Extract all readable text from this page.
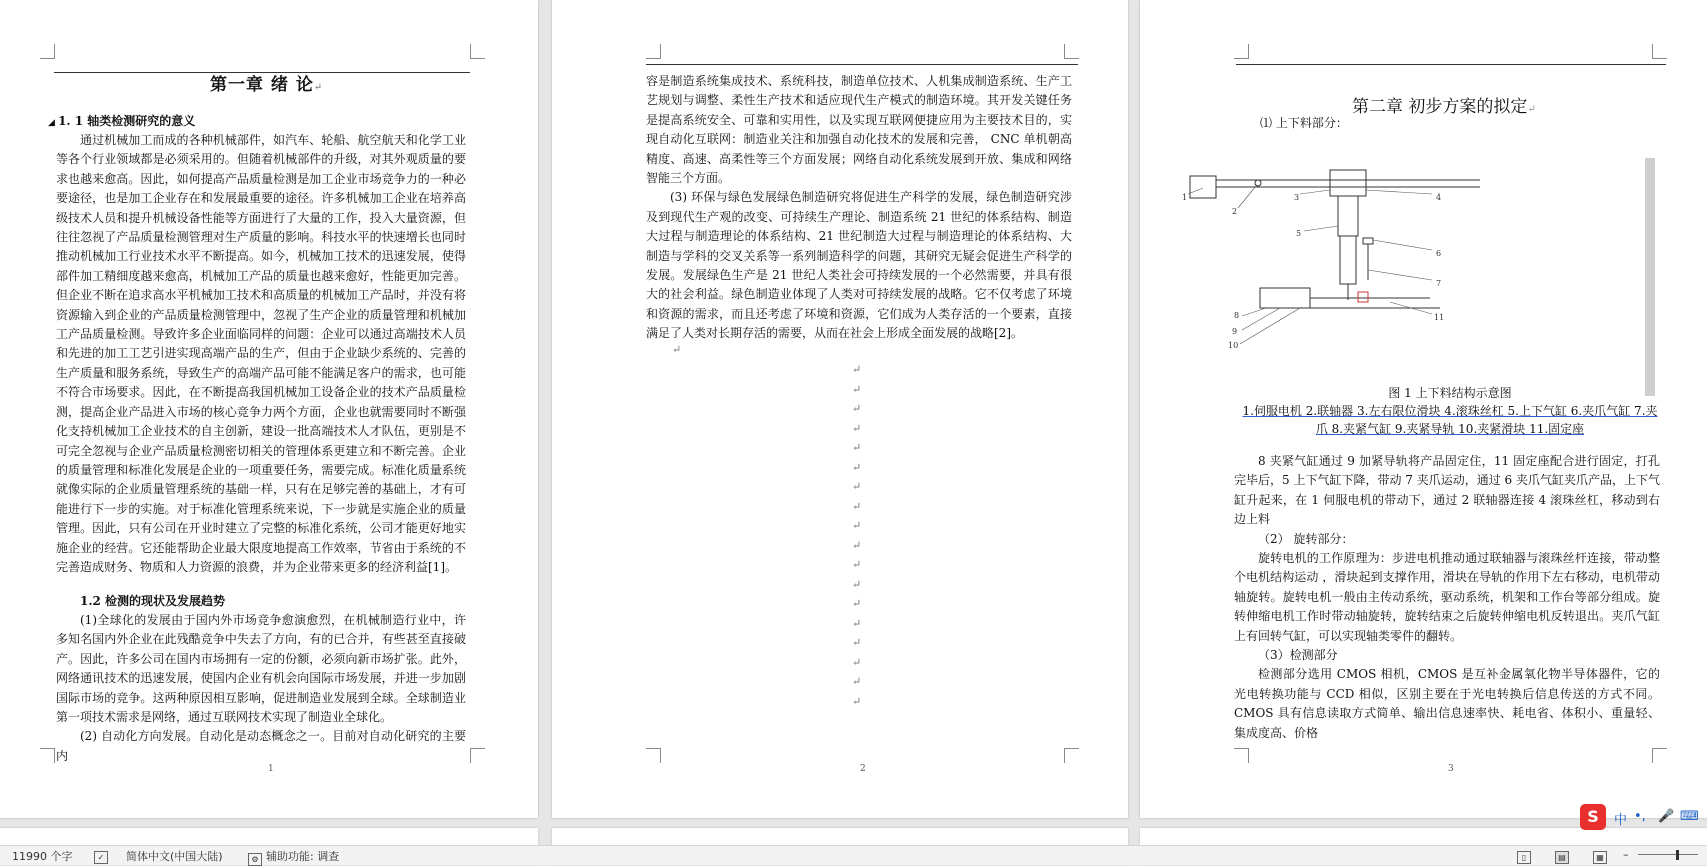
第一章 绪 论↵
◢ 1. 1 轴类检测研究的意义

通过机械加工而成的各种机械部件，如汽车、轮船、航空航天和化学工业等各个行业领域都是必须采用的。但随着机械部件的升级，对其外观质量的要求也越来愈高。因此，如何提高产品质量检测是加工企业市场竞争力的一种必要途径，也是加工企业存在和发展最重要的途径。许多机械加工企业在培养高级技术人员和提升机械设备性能等方面进行了大量的工作，投入大量资源，但往往忽视了产品质量检测管理对生产质量的影响。科技水平的快速增长也同时推动机械加工行业技术水平不断提高。如今，机械加工技术的迅速发展，使得部件加工精细度越来愈高，机械加工产品的质量也越来愈好，性能更加完善。但企业不断在追求高水平机械加工技术和高质量的机械加工产品时，并没有将资源输入到企业的产品质量检测管理中，忽视了生产企业的质量管理和机械加工产品质量检测。导致许多企业面临同样的问题：企业可以通过高端技术人员和先进的加工工艺引进实现高端产品的生产，但由于企业缺少系统的、完善的生产质量和服务系统，导致生产的高端产品可能不能满足客户的需求，也可能不符合市场要求。因此，在不断提高我国机械加工设备企业的技术产品质量检测，提高企业产品进入市场的核心竞争力两个方面，企业也就需要同时不断强化支持机械加工企业技术的自主创新，建设一批高端技术人才队伍，更别是不可完全忽视与企业产品质量检测密切相关的管理体系更建立和不断完善。企业的质量管理和标准化发展是企业的一项重要任务，需要完成。标准化质量系统就像实际的企业质量管理系统的基础一样，只有在足够完善的基础上，才有可能进行下一步的实施。对于标准化管理系统来说，下一步就是实施企业的质量管理。因此，只有公司在开业时建立了完整的标准化系统，公司才能更好地实施企业的经营。它还能帮助企业最大限度地提高工作效率，节省由于系统的不完善造成财务、物质和人力资源的浪费，并为企业带来更多的经济利益[1]。

1.2 检测的现状及发展趋势

(1)全球化的发展由于国内外市场竞争愈演愈烈，在机械制造行业中，许多知名国内外企业在此残酷竞争中失去了方向，有的已合并，有些甚至直接破产。因此，许多公司在国内市场拥有一定的份额，必须向新市场扩张。此外，网络通讯技术的迅速发展，使国内企业有机会向国际市场发展，并进一步加剧国际市场的竞争。这两种原因相互影响，促进制造业发展到全球。全球制造业第一项技术需求是网络，通过互联网技术实现了制造业全球化。

(2) 自动化方向发展。自动化是动态概念之一。目前对自动化研究的主要内

1

容是制造系统集成技术、系统科技，制造单位技术、人机集成制造系统、生产工艺规划与调整、柔性生产技术和适应现代生产模式的制造环境。其开发关键任务是提高系统安全、可靠和实用性，以及实现互联网便捷应用为主要技术目的，实现自动化互联网：制造业关注和加强自动化技术的发展和完善， CNC 单机朝高精度、高速、高柔性等三个方面发展；网络自动化系统发展到开放、集成和网络智能三个方面。

(3) 环保与绿色发展绿色制造研究将促进生产科学的发展，绿色制造研究涉及到现代生产观的改变、可持续生产理论、制造系统 21 世纪的体系结构、制造大过程与制造理论的体系结构、21 世纪制造大过程与制造理论的体系结构、大制造与学科的交叉关系等一系列制造科学的问题，其研究无疑会促进生产科学的发展。发展绿色生产是 21 世纪人类社会可持续发展的一个必然需要，并具有很大的社会利益。绿色制造业体现了人类对可持续发展的战略。它不仅考虑了环境和资源的需求，而且还考虑了环境和资源，它们成为人类存活的一个要素，直接满足了人类对长期存活的需要，从而在社会上形成全面发展的战略[2]。

↵
↵
↵
↵
↵
↵
↵
↵
↵
↵
↵
↵
↵
↵
↵
↵
↵
↵
↵
2
第二章 初步方案的拟定↵

⑴ 上下料部分：

1
2
3	4
5
6
7
8
9
10
11
图 1 上下料结构示意图
1.伺服电机 2.联轴器 3.左右限位滑块 4.滚珠丝杠 5.上下气缸 6.夹爪气缸 7.夹爪 8.夹紧气缸 9.夹紧导轨 10.夹紧滑块 11.固定座

8 夹紧气缸通过 9 加紧导轨将产品固定住，11 固定座配合进行固定，打孔完毕后，5 上下气缸下降，带动 7 夹爪运动，通过 6 夹爪气缸夹爪产品，上下气缸升起来，在 1 伺服电机的带动下，通过 2 联轴器连接 4 滚珠丝杠，移动到右边上料

（2） 旋转部分：

旋转电机的工作原理为：步进电机推动通过联轴器与滚珠丝杆连接，带动整个电机结构运动 ，滑块起到支撑作用，滑块在导轨的作用下左右移动，电机带动轴旋转。旋转电机一般由主传动系统，驱动系统，机架和工作台等部分组成。旋转伸缩电机工作时带动轴旋转，旋转结束之后旋转伸缩电机反转退出。夹爪气缸上有回转气缸，可以实现轴类零件的翻转。

（3）检测部分

检测部分选用 CMOS 相机，CMOS 是互补金属氧化物半导体器件，它的光电转换功能与 CCD 相似，区别主要在于光电转换后信息传送的方式不同。CMOS 具有信息读取方式简单、输出信息速率快、耗电省、体积小、重量轻、集成度高、价格

3
S	中 •, 🎤 ⌨
11990 个字	✓	简体中文(中国大陆)	⚙ 辅助功能: 调查	▯	▤	▦	–
